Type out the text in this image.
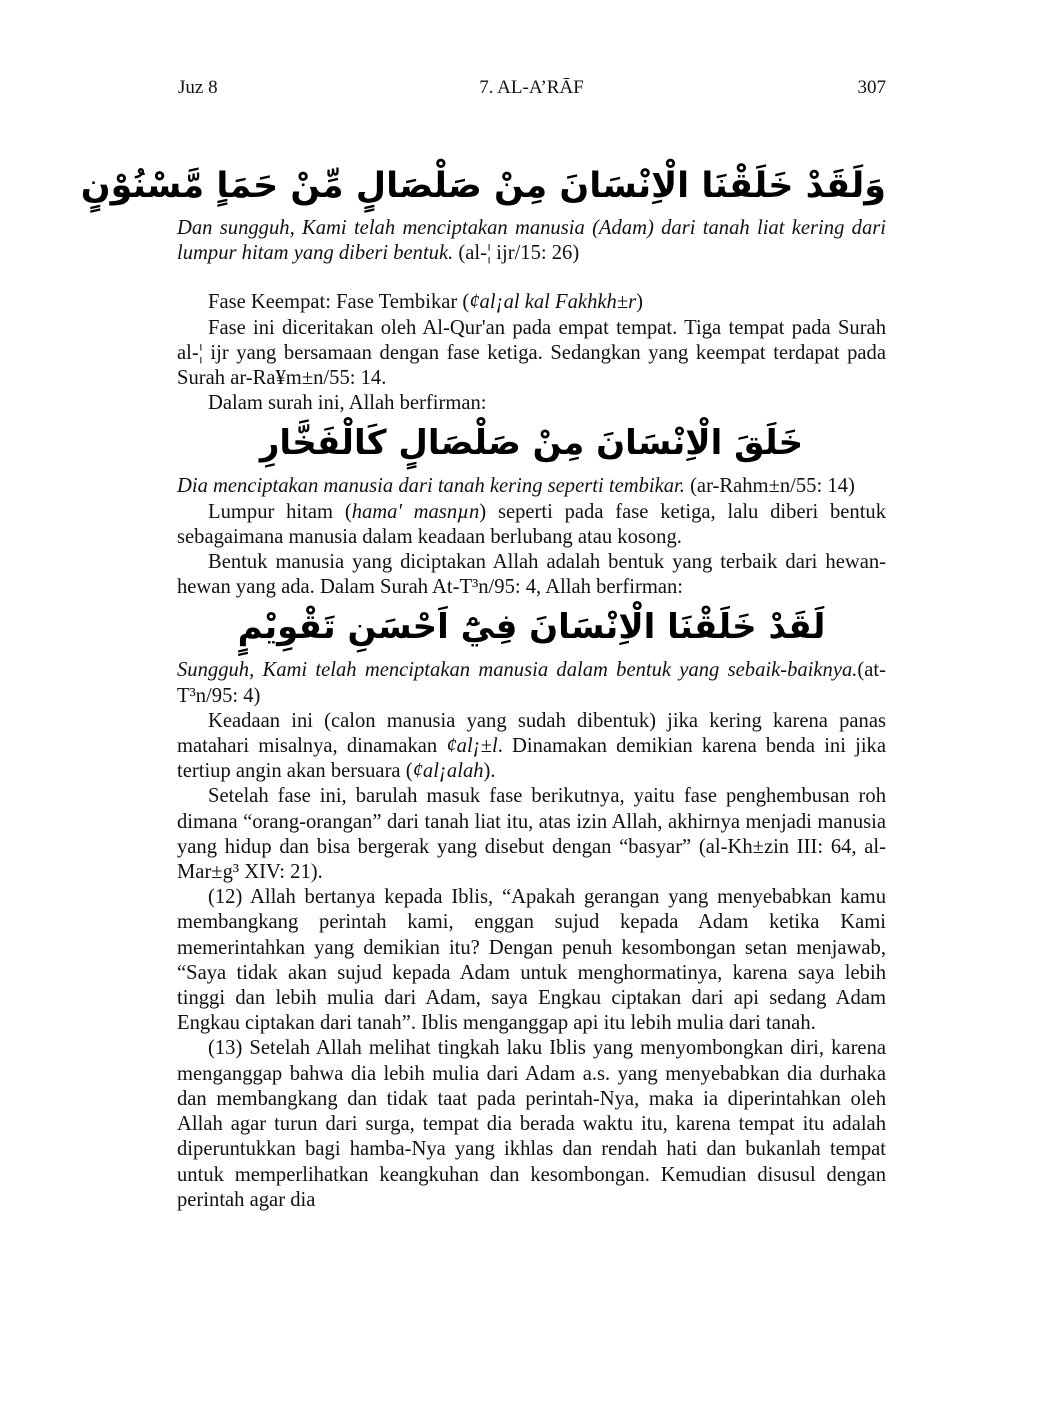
Juz 8	7. AL-A’RĀF	307
وَلَقَدْ خَلَقْنَا الْاِنْسَانَ مِنْ صَلْصَالٍ مِّنْ حَمَاٍ مَّسْنُوْنٍ

Dan sungguh, Kami telah menciptakan manusia (Adam) dari tanah liat kering dari lumpur hitam yang diberi bentuk. (al-¦ ijr/15: 26)

Fase Keempat: Fase Tembikar (¢al¡al kal Fakhkh±r)

Fase ini diceritakan oleh Al-Qur'an pada empat tempat. Tiga tempat pada Surah al-¦ ijr yang bersamaan dengan fase ketiga. Sedangkan yang keempat terdapat pada Surah ar-Ra¥m±n/55: 14.

Dalam surah ini, Allah berfirman:

خَلَقَ الْاِنْسَانَ مِنْ صَلْصَالٍ كَالْفَخَّارِ

Dia menciptakan manusia dari tanah kering seperti tembikar. (ar-Rahm±n/55: 14)

Lumpur hitam (hama' masnµn) seperti pada fase ketiga, lalu diberi bentuk sebagaimana manusia dalam keadaan berlubang atau kosong.

Bentuk manusia yang diciptakan Allah adalah bentuk yang terbaik dari hewan-hewan yang ada. Dalam Surah At-T³n/95: 4, Allah berfirman:

لَقَدْ خَلَقْنَا الْاِنْسَانَ فِيْٓ اَحْسَنِ تَقْوِيْمٍ

Sungguh, Kami telah menciptakan manusia dalam bentuk yang sebaik-baiknya.(at-T³n/95: 4)

Keadaan ini (calon manusia yang sudah dibentuk) jika kering karena panas matahari misalnya, dinamakan ¢al¡±l. Dinamakan demikian karena benda ini jika tertiup angin akan bersuara (¢al¡alah).

Setelah fase ini, barulah masuk fase berikutnya, yaitu fase penghembusan roh dimana “orang-orangan” dari tanah liat itu, atas izin Allah, akhirnya menjadi manusia yang hidup dan bisa bergerak yang disebut dengan “basyar” (al-Kh±zin III: 64, al-Mar±g³ XIV: 21).

(12) Allah bertanya kepada Iblis, “Apakah gerangan yang menyebabkan kamu membangkang perintah kami, enggan sujud kepada Adam ketika Kami memerintahkan yang demikian itu? Dengan penuh kesombongan setan menjawab, “Saya tidak akan sujud kepada Adam untuk menghormatinya, karena saya lebih tinggi dan lebih mulia dari Adam, saya Engkau ciptakan dari api sedang Adam Engkau ciptakan dari tanah”. Iblis menganggap api itu lebih mulia dari tanah.

(13) Setelah Allah melihat tingkah laku Iblis yang menyombongkan diri, karena menganggap bahwa dia lebih mulia dari Adam a.s. yang menyebabkan dia durhaka dan membangkang dan tidak taat pada perintah-Nya, maka ia diperintahkan oleh Allah agar turun dari surga, tempat dia berada waktu itu, karena tempat itu adalah diperuntukkan bagi hamba-Nya yang ikhlas dan rendah hati dan bukanlah tempat untuk memperlihatkan keangkuhan dan kesombongan. Kemudian disusul dengan perintah agar dia
